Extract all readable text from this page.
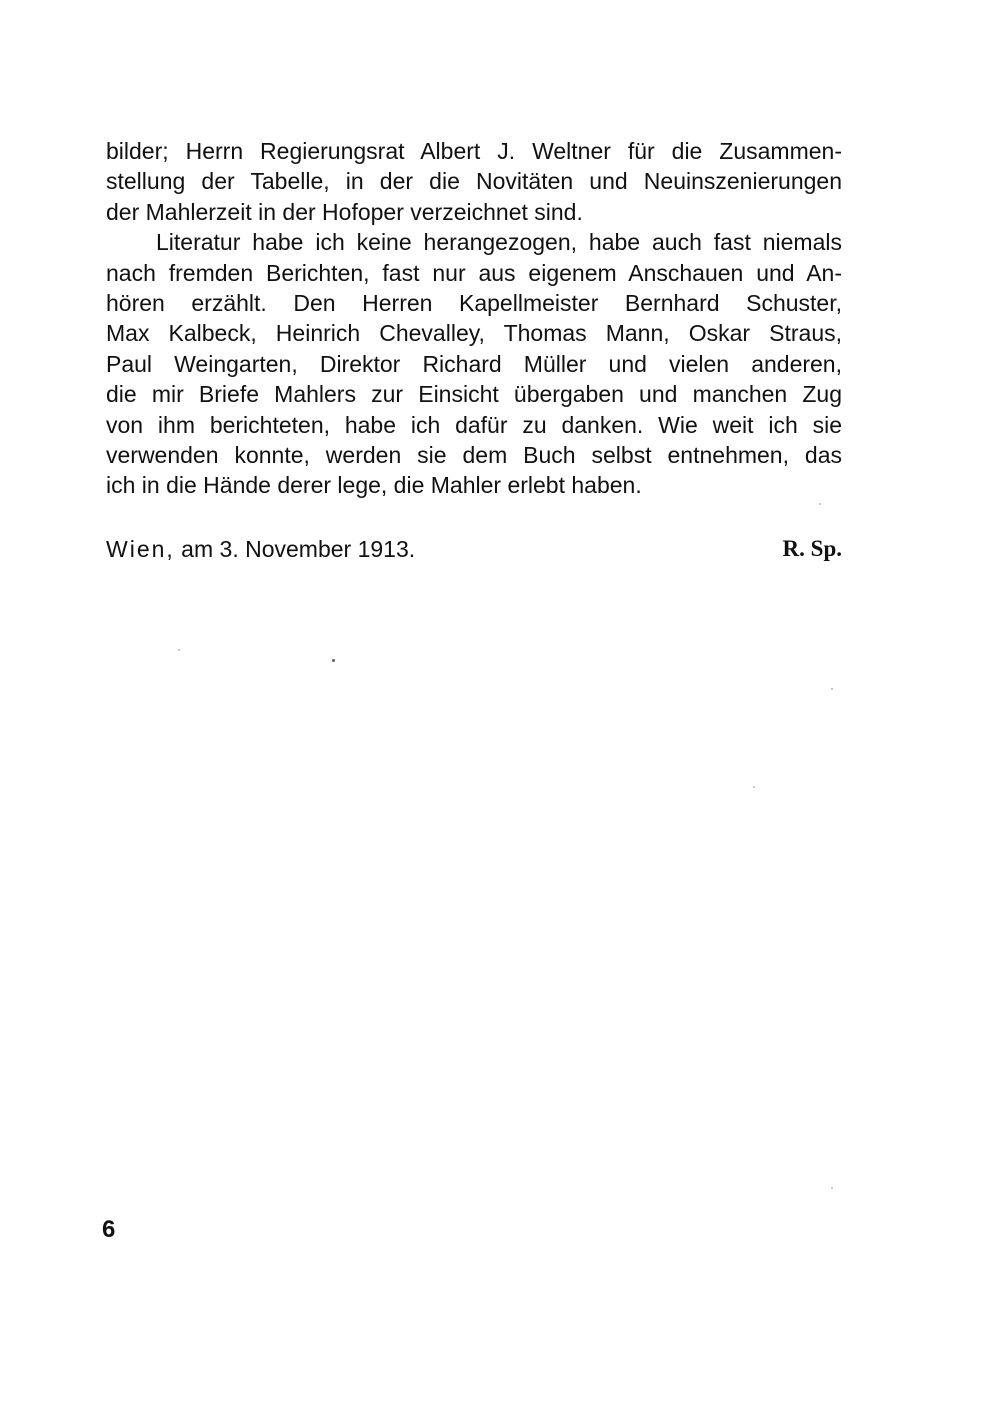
bilder; Herrn Regierungsrat Albert J. Weltner für die Zusammen-
stellung der Tabelle, in der die Novitäten und Neuinszenierungen
der Mahlerzeit in der Hofoper verzeichnet sind.
Literatur habe ich keine herangezogen, habe auch fast niemals
nach fremden Berichten, fast nur aus eigenem Anschauen und An-
hören erzählt. Den Herren Kapellmeister Bernhard Schuster,
Max Kalbeck, Heinrich Chevalley, Thomas Mann, Oskar Straus,
Paul Weingarten, Direktor Richard Müller und vielen anderen,
die mir Briefe Mahlers zur Einsicht übergaben und manchen Zug
von ihm berichteten, habe ich dafür zu danken. Wie weit ich sie
verwenden konnte, werden sie dem Buch selbst entnehmen, das
ich in die Hände derer lege, die Mahler erlebt haben.
Wien, am 3. November 1913.	R. Sp.
6
